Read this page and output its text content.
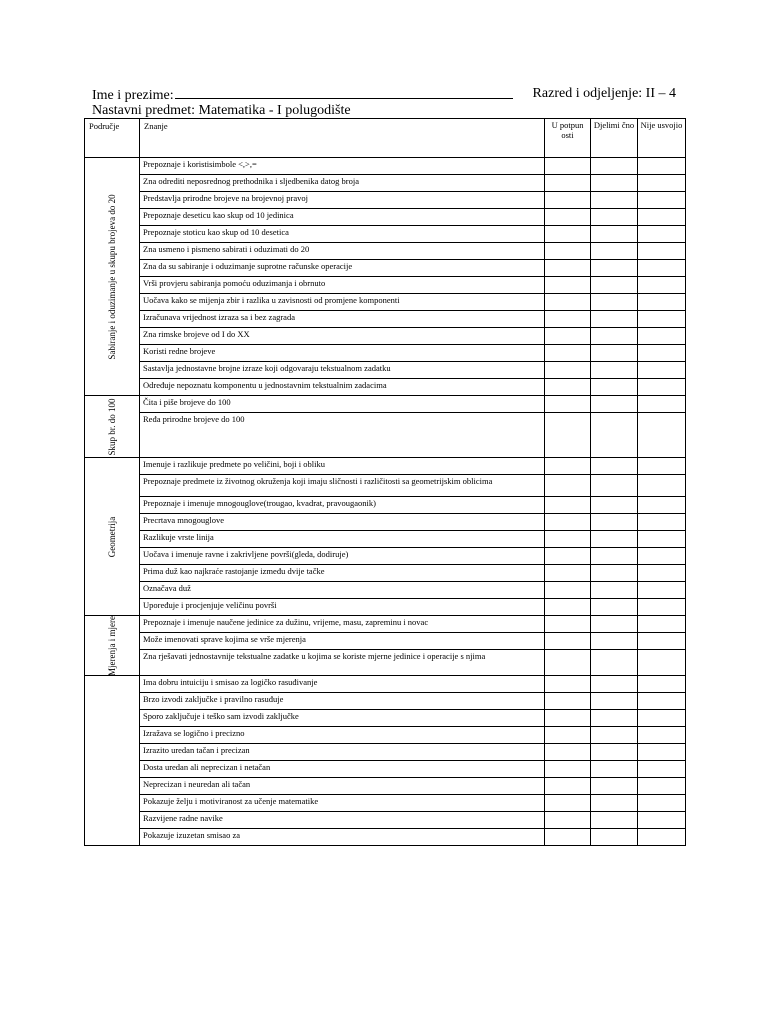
Ime i prezime:	Razred i odjeljenje: II – 4
Nastavni predmet: Matematika - I polugodište
Područje	Znanje	U potpun osti	Djelimi čno	Nije usvojio

Sabiranje i oduzimanje u skupu brojeva do 20	Prepoznaje i koristisimbole <,>,=			
	Zna odrediti neposrednog prethodnika i sljedbenika datog broja			
	Predstavlja prirodne brojeve na brojevnoj pravoj			
	Prepoznaje deseticu kao skup od 10 jedinica			
	Prepoznaje stoticu kao skup od 10 desetica			
	Zna usmeno i pismeno sabirati i oduzimati do 20			
	Zna da su sabiranje i oduzimanje suprotne računske operacije			
	Vrši provjeru sabiranja pomoću oduzimanja i obrnuto			
	Uočava kako se mijenja zbir i razlika u zavisnosti od promjene komponenti			
	Izračunava vrijednost izraza sa i bez zagrada			
	Zna rimske brojeve od I do XX			
	Koristi redne brojeve			
	Sastavlja jednostavne brojne izraze koji odgovaraju tekstualnom zadatku			
	Određuje nepoznatu komponentu u jednostavnim tekstualnim zadacima			

Skup br. do 100	Čita i piše brojeve do 100			
	Ređa prirodne brojeve do 100			

Geometrija	Imenuje i razlikuje predmete po veličini, boji i obliku			
	Prepoznaje predmete iz životnog okruženja koji imaju sličnosti i različitosti sa geometrijskim oblicima			
	Prepoznaje i imenuje mnogouglove(trougao, kvadrat, pravougaonik)			
	Precrtava mnogouglove			
	Razlikuje vrste linija			
	Uočava i imenuje ravne i zakrivljene površi(gleda, dodiruje)			
	Prima duž kao najkraće rastojanje između dvije tačke			
	Označava duž			
	Upoređuje i procjenjuje veličinu površi			

Mjerenja i mjere	Prepoznaje i imenuje naučene jedinice za dužinu, vrijeme, masu, zapreminu i novac			
	Može imenovati sprave kojima se vrše mjerenja			
	Zna rješavati jednostavnije tekstualne zadatke u kojima se koriste mjerne jedinice i operacije s njima			

	Ima dobru intuiciju i smisao za logičko rasuđivanje			
	Brzo izvodi zaključke i pravilno rasuđuje			
	Sporo zaključuje i teško sam izvodi zaključke			
	Izražava se logično i precizno			
	Izrazito uredan tačan i precizan			
	Dosta uredan ali neprecizan i netačan			
	Neprecizan i neuredan ali tačan			
	Pokazuje želju i motiviranost za učenje matematike			
	Razvijene radne navike			
	Pokazuje izuzetan smisao za			
